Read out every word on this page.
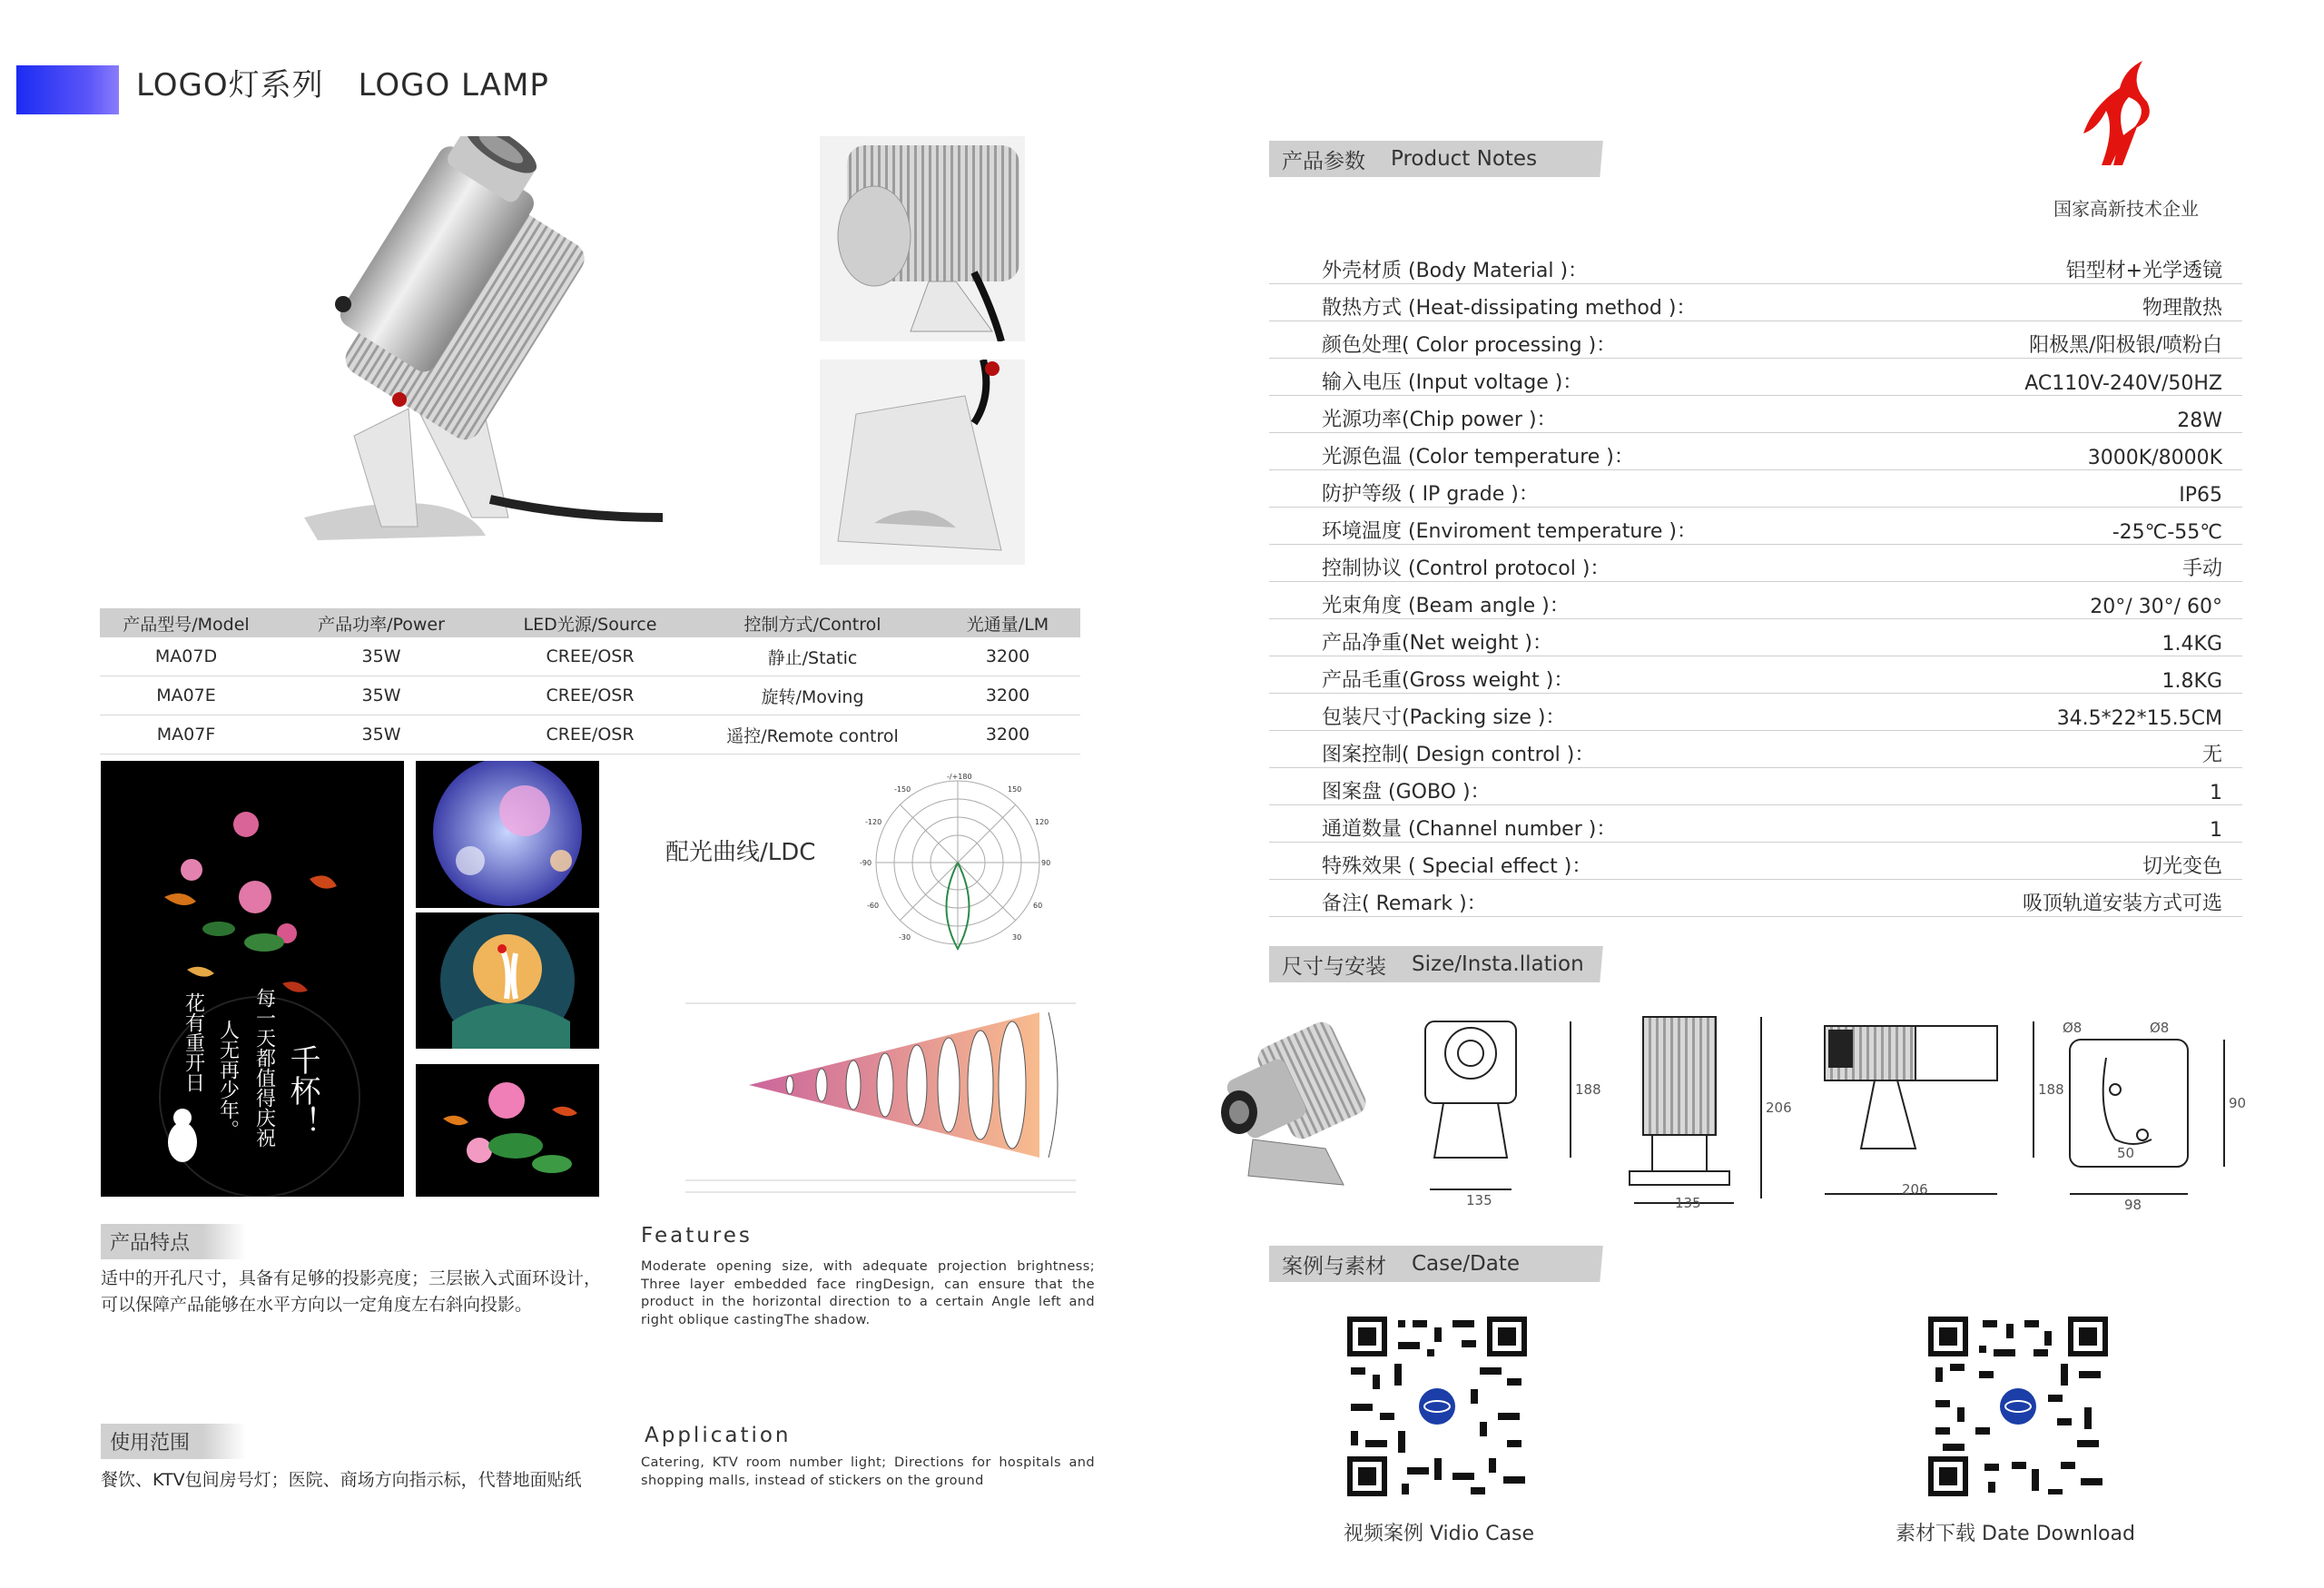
LOGO灯系列 LOGO LAMP
产品型号/Model	产品功率/Power	LED光源/Source	控制方式/Control	光通量/LM
MA07D	35W	CREE/OSR	静止/Static	3200
MA07E	35W	CREE/OSR	旋转/Moving	3200
MA07F	35W	CREE/OSR	遥控/Remote control	3200
千杯！
每一天都值得庆祝
人无再少年。
花有重开日
配光曲线/LDC
-/+180
-150	150
-120	120
-90	90
-60	60
-30	30
产品特点
适中的开孔尺寸，具备有足够的投影亮度；三层嵌入式面环设计，可以保障产品能够在水平方向以一定角度左右斜向投影。
Features
Moderate opening size, with adequate projection brightness; Three layer embedded face ringDesign, can ensure that the product in the horizontal direction to a certain Angle left and right oblique castingThe shadow.
使用范围
餐饮、KTV包间房号灯；医院、商场方向指示标，代替地面贴纸
Application
Catering, KTV room number light; Directions for hospitals and shopping malls, instead of stickers on the ground
国家高新技术企业
产品参数 Product Notes
外壳材质 (Body Material )：	铝型材+光学透镜
散热方式 (Heat-dissipating method )：	物理散热
颜色处理( Color processing )：	阳极黑/阳极银/喷粉白
输入电压 (Input voltage )：	AC110V-240V/50HZ
光源功率(Chip power )：	28W
光源色温 (Color temperature )：	3000K/8000K
防护等级 ( IP grade )：	IP65
环境温度 (Enviroment temperature )：	-25℃-55℃
控制协议 (Control protocol )：	手动
光束角度 (Beam angle )：	20°/ 30°/ 60°
产品净重(Net weight )：	1.4KG
产品毛重(Gross weight )：	1.8KG
包装尺寸(Packing size )：	34.5*22*15.5CM
图案控制( Design control )：	无
图案盘 (GOBO )：	1
通道数量 (Channel number )：	1
特殊效果 ( Special effect )：	切光变色
备注( Remark )：	吸顶轨道安装方式可选
尺寸与安装 Size/Insta.llation
188
135
206
135
188
206
Ø8	Ø8
50
90
98
案例与素材 Case/Date
视频案例 Vidio Case	素材下载 Date Download
